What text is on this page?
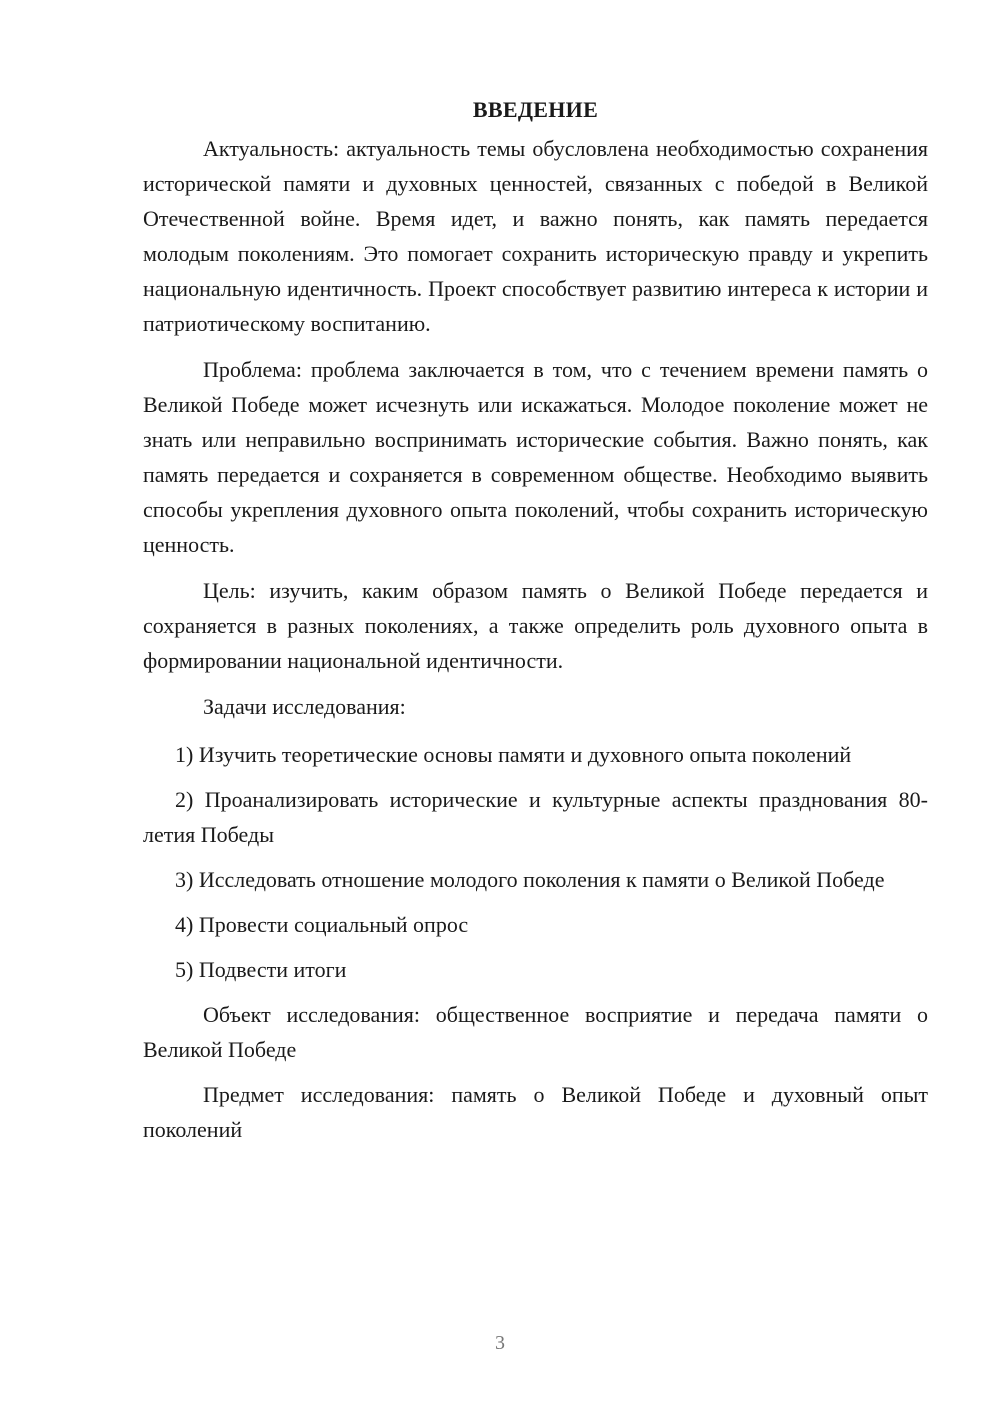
ВВЕДЕНИЕ

Актуальность: актуальность темы обусловлена необходимостью сохранения исторической памяти и духовных ценностей, связанных с победой в Великой Отечественной войне. Время идет, и важно понять, как память передается молодым поколениям. Это помогает сохранить историческую правду и укрепить национальную идентичность. Проект способствует развитию интереса к истории и патриотическому воспитанию.

Проблема: проблема заключается в том, что с течением времени память о Великой Победе может исчезнуть или искажаться. Молодое поколение может не знать или неправильно воспринимать исторические события. Важно понять, как память передается и сохраняется в современном обществе. Необходимо выявить способы укрепления духовного опыта поколений, чтобы сохранить историческую ценность.

Цель: изучить, каким образом память о Великой Победе передается и сохраняется в разных поколениях, а также определить роль духовного опыта в формировании национальной идентичности.

Задачи исследования:

1) Изучить теоретические основы памяти и духовного опыта поколений

2) Проанализировать исторические и культурные аспекты празднования 80-летия Победы

3) Исследовать отношение молодого поколения к памяти о Великой Победе

4) Провести социальный опрос

5) Подвести итоги

Объект исследования: общественное восприятие и передача памяти о Великой Победе

Предмет исследования: память о Великой Победе и духовный опыт поколений

3
